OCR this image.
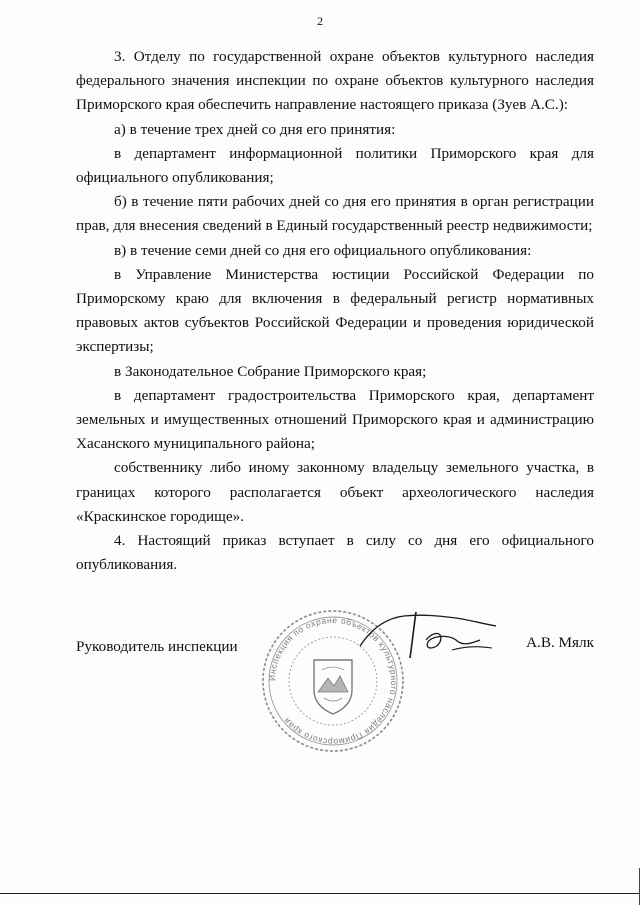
2

3. Отделу по государственной охране объектов культурного наследия федерального значения инспекции по охране объектов культурного наследия Приморского края обеспечить направление настоящего приказа (Зуев А.С.):

а) в течение трех дней со дня его принятия:

в департамент информационной политики Приморского края для официального опубликования;

б) в течение пяти рабочих дней со дня его принятия в орган регистрации прав, для внесения сведений в Единый государственный реестр недвижимости;

в) в течение семи дней со дня его официального опубликования:

в Управление Министерства юстиции Российской Федерации по Приморскому краю для включения в федеральный регистр нормативных правовых актов субъектов Российской Федерации и проведения юридической экспертизы;

в Законодательное Собрание Приморского края;

в департамент градостроительства Приморского края, департамент земельных и имущественных отношений Приморского края и администрацию Хасанского муниципального района;

собственнику либо иному законному владельцу земельного участка, в границах которого располагается объект археологического наследия «Краскинское городище».

4. Настоящий приказ вступает в силу со дня его официального опубликования.

Инспекция по охране объектов культурного наследия Приморского края
Руководитель инспекции	А.В. Мялк
